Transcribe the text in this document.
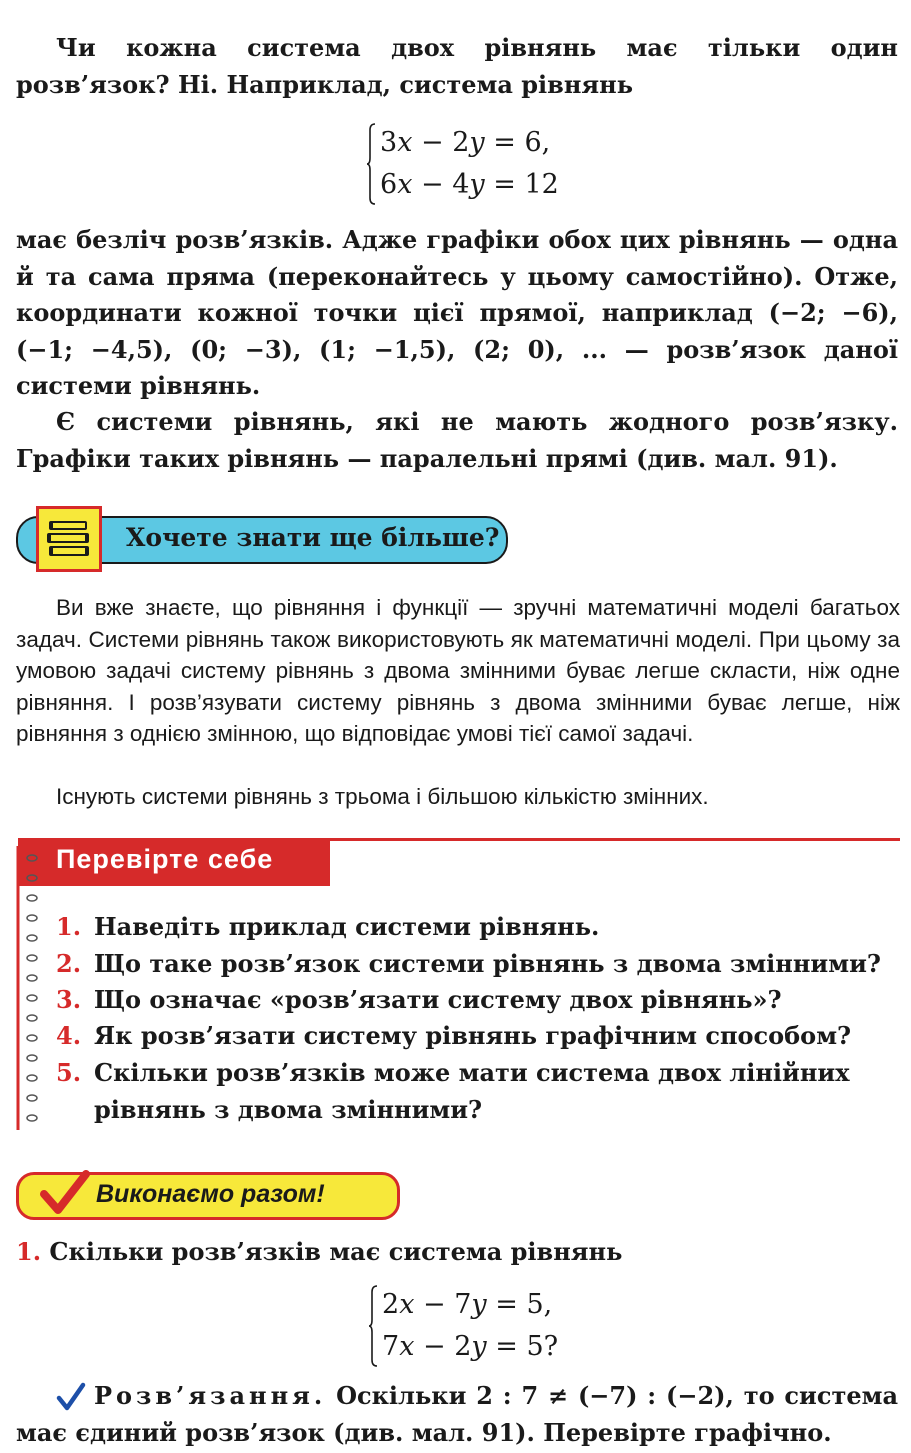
Чи кожна система двох рівнянь має тільки один розв’язок? Ні. Наприклад, система рівнянь

3x − 2y = 6,
6x − 4y = 12

має безліч розв’язків. Адже графіки обох цих рівнянь — одна й та сама пряма (переконайтесь у цьому самостійно). Отже, координати кожної точки цієї прямої, наприклад (−2; −6), (−1; −4,5), (0; −3), (1; −1,5), (2; 0), ... — розв’язок даної системи рівнянь.

Є системи рівнянь, які не мають жодного розв’язку. Графіки таких рівнянь — паралельні прямі (див. мал. 91).

Хочете знати ще більше?

Ви вже знаєте, що рівняння і функції — зручні математичні моделі багатьох задач. Системи рівнянь також використовують як математичні моделі. При цьому за умовою задачі систему рівнянь з двома змінними буває легше скласти, ніж одне рівняння. І розв’язувати систему рівнянь з двома змінними буває легше, ніж рівняння з однією змінною, що відповідає умові тієї самої задачі.

Існують системи рівнянь з трьома і більшою кількістю змінних.

Перевірте себе
1. Наведіть приклад системи рівнянь.
2. Що таке розв’язок системи рівнянь з двома змінними?
3. Що означає «розв’язати систему двох рівнянь»?
4. Як розв’язати систему рівнянь графічним способом?
5. Скільки розв’язків може мати система двох лінійних рівнянь з двома змінними?
Виконаємо разом!
1. Скільки розв’язків має система рівнянь
2x − 7y = 5,
7x − 2y = 5?

Розв’язання. Оскільки 2 : 7 ≠ (−7) : (−2), то система має єдиний розв’язок (див. мал. 91). Перевірте графічно.
